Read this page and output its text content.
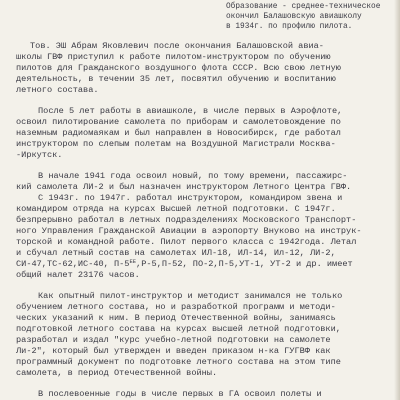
Образование - среднее-техническое
окончил Балашовскую авиашколу
в 1934г. по профилю пилота.
Тов. ЭШ Абрам Яковлевич после окончания Балашовской авиа-
школы ГВФ приступил к работе пилотом-инструктором по обучению
пилотов для Гражданского воздушного флота СССР. Всю свою летную
деятельность, в течении 35 лет, посвятил обучению и воспитанию
летного состава.
После 5 лет работы в авиашколе, в числе первых в Аэрофлоте,
освоил пилотирование самолета по приборам и самолетовождение по
наземным радиомаякам и был направлен в Новосибирск, где работал
инструктором по слепым полетам на Воздушной Магистрали Москва-
-Иркутск.
В начале 1941 года освоил новый, по тому времени, пассажирс-
кий самолета ЛИ-2 и был назначен инструктором Летного Центра ГВФ.
С 1943г. по 1947г. работал инструктором, командиром звена и
командиром отряда на курсах Высшей летной подготовки. С 1947г.
безпрерывно работал в летных подразделениях Московского Транспорт-
ного Управления Гражданской Авиации в аэропорту Внуково на инструк-
торской и командной работе. Пилот первого класса с 1942года. Летал
и сбучал летный состав на самолетах ИЛ-18, ИЛ-14, Ил-12, ЛИ-2,
СИ-47,ТС-62,ИС-40, $П-5^{ЕЕ},Р-5,П-52$, ПО-2,П-5,УТ-1, УТ-2 и др. имеет
общий налет 23176 часов.
Как опытный пилот-инструктор и методист занимался не только
обучением летного состава, но и разработкой программ и методи-
ческих указаний к ним. В период Отечественной войны, занимаясь
подготовкой летного состава на курсах высшей летной подготовки,
разработал и издал "курс учебно-летной подготовки на самолете
Ли-2", который был утвержден и введен приказом н-ка ГУГВФ как
программный документ по подготовке летного состава на этом типе
самолета, в период Отечественной войны.
В послевоенные годы в числе первых в ГА освоил полеты и
